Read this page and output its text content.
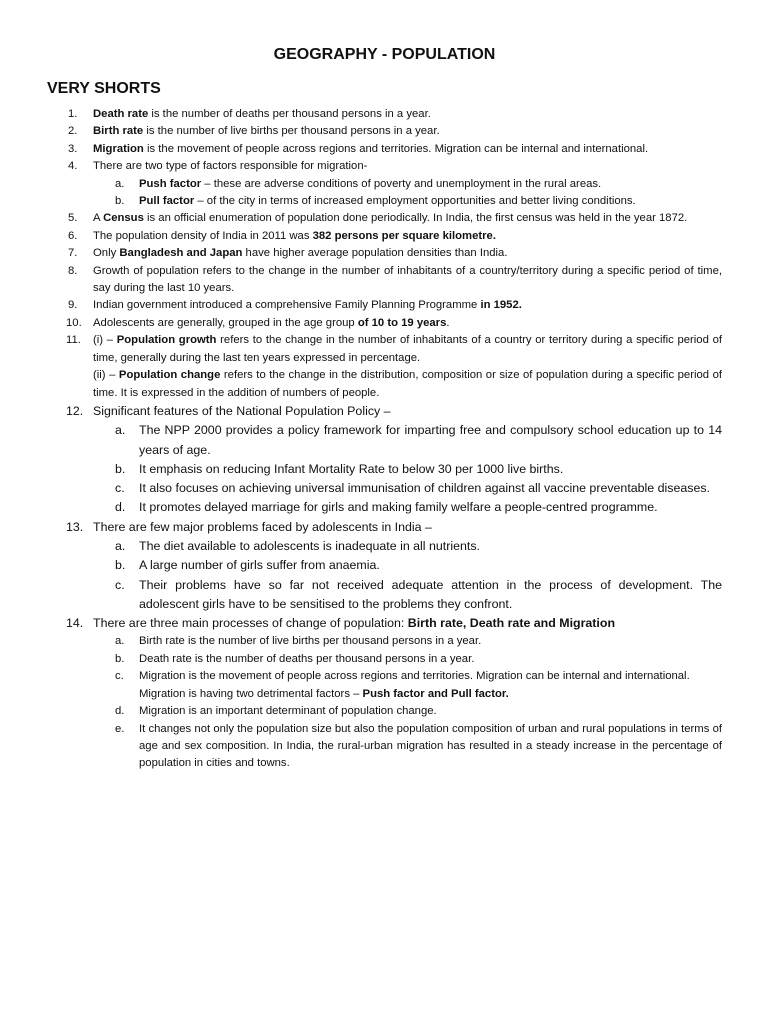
GEOGRAPHY - POPULATION
VERY SHORTS
1. Death rate is the number of deaths per thousand persons in a year.
2. Birth rate is the number of live births per thousand persons in a year.
3. Migration is the movement of people across regions and territories. Migration can be internal and international.
4. There are two type of factors responsible for migration-
a. Push factor – these are adverse conditions of poverty and unemployment in the rural areas.
b. Pull factor – of the city in terms of increased employment opportunities and better living conditions.
5. A Census is an official enumeration of population done periodically. In India, the first census was held in the year 1872.
6. The population density of India in 2011 was 382 persons per square kilometre.
7. Only Bangladesh and Japan have higher average population densities than India.
8. Growth of population refers to the change in the number of inhabitants of a country/territory during a specific period of time, say during the last 10 years.
9. Indian government introduced a comprehensive Family Planning Programme in 1952.
10. Adolescents are generally, grouped in the age group of 10 to 19 years.
11. (i) – Population growth refers to the change in the number of inhabitants of a country or territory during a specific period of time, generally during the last ten years expressed in percentage.
(ii) – Population change refers to the change in the distribution, composition or size of population during a specific period of time. It is expressed in the addition of numbers of people.
12. Significant features of the National Population Policy –
a. The NPP 2000 provides a policy framework for imparting free and compulsory school education up to 14 years of age.
b. It emphasis on reducing Infant Mortality Rate to below 30 per 1000 live births.
c. It also focuses on achieving universal immunisation of children against all vaccine preventable diseases.
d. It promotes delayed marriage for girls and making family welfare a people-centred programme.
13. There are few major problems faced by adolescents in India –
a. The diet available to adolescents is inadequate in all nutrients.
b. A large number of girls suffer from anaemia.
c. Their problems have so far not received adequate attention in the process of development. The adolescent girls have to be sensitised to the problems they confront.
14. There are three main processes of change of population: Birth rate, Death rate and Migration
a. Birth rate is the number of live births per thousand persons in a year.
b. Death rate is the number of deaths per thousand persons in a year.
c. Migration is the movement of people across regions and territories. Migration can be internal and international.
Migration is having two detrimental factors – Push factor and Pull factor.
d. Migration is an important determinant of population change.
e. It changes not only the population size but also the population composition of urban and rural populations in terms of age and sex composition. In India, the rural-urban migration has resulted in a steady increase in the percentage of population in cities and towns.
